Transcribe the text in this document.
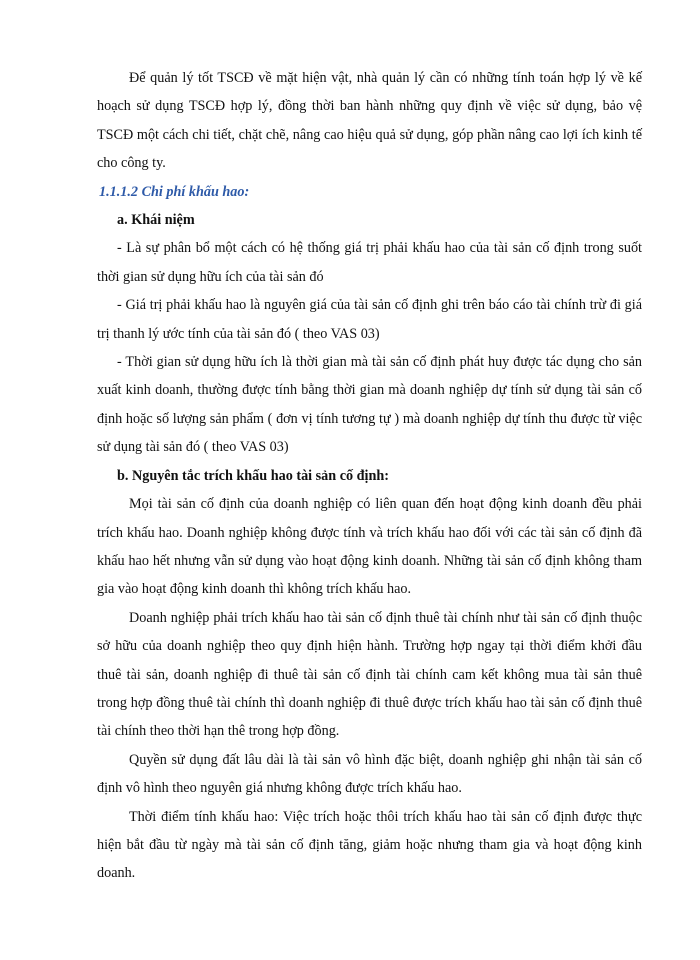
Để quản lý tốt TSCĐ về mặt hiện vật, nhà quản lý cần có những tính toán hợp lý về kế hoạch sử dụng TSCĐ hợp lý, đồng thời ban hành những quy định về việc sử dụng, bảo vệ TSCĐ một cách chi tiết, chặt chẽ, nâng cao hiệu quả sử dụng, góp phần nâng cao lợi ích kinh tế cho công ty.

1.1.1.2 Chi phí khấu hao:

a. Khái niệm

- Là sự phân bổ một cách có hệ thống giá trị phải khấu hao của tài sản cố định trong suốt thời gian sử dụng hữu ích của tài sản đó

- Giá trị phải khấu hao là nguyên giá của tài sản cố định ghi trên báo cáo tài chính trừ đi giá trị thanh lý ước tính của tài sản đó ( theo VAS 03)

- Thời gian sử dụng hữu ích là thời gian mà tài sản cố định phát huy được tác dụng cho sản xuất kinh doanh, thường được tính bằng thời gian mà doanh nghiệp dự tính sử dụng tài sản cố định hoặc số lượng sản phẩm ( đơn vị tính tương tự ) mà doanh nghiệp dự tính thu được từ việc sử dụng tài sản đó ( theo VAS 03)

b. Nguyên tắc trích khấu hao tài sản cố định:

Mọi tài sản cố định của doanh nghiệp có liên quan đến hoạt động kinh doanh đều phải trích khấu hao. Doanh nghiệp không được tính và trích khấu hao đối với các tài sản cố định đã khấu hao hết nhưng vẫn sử dụng vào hoạt động kinh doanh. Những tài sản cố định không tham gia vào hoạt động kinh doanh thì không trích khấu hao.

Doanh nghiệp phải trích khấu hao tài sản cố định thuê tài chính như tài sản cố định thuộc sở hữu của doanh nghiệp theo quy định hiện hành. Trường hợp ngay tại thời điểm khởi đầu thuê tài sản, doanh nghiệp đi thuê tài sản cố định tài chính cam kết không mua tài sản thuê trong hợp đồng thuê tài chính thì doanh nghiệp đi thuê được trích khấu hao tài sản cố định thuê tài chính theo thời hạn thê trong hợp đồng.

Quyền sử dụng đất lâu dài là tài sản vô hình đặc biệt, doanh nghiệp ghi nhận tài sản cố định vô hình theo nguyên giá nhưng không được trích khấu hao.

Thời điểm tính khấu hao: Việc trích hoặc thôi trích khấu hao tài sản cố định được thực hiện bắt đầu từ ngày mà tài sản cố định tăng, giảm hoặc nhưng tham gia và hoạt động kinh doanh.
